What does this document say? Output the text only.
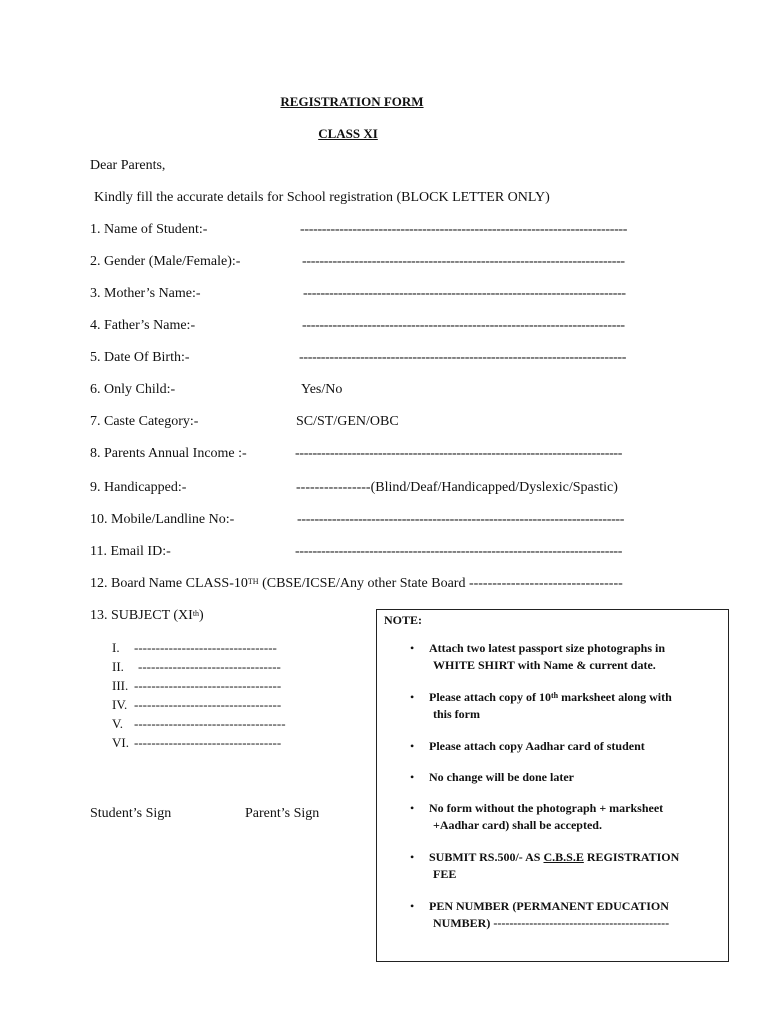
REGISTRATION FORM
CLASS XI
Dear Parents,
Kindly fill the accurate details for School registration (BLOCK LETTER ONLY)
1. Name of Student:-	---------------------------------------------------------------------------
2. Gender (Male/Female):-	--------------------------------------------------------------------------
3. Mother’s Name:-	--------------------------------------------------------------------------
4. Father’s Name:-	--------------------------------------------------------------------------
5. Date Of Birth:-	---------------------------------------------------------------------------
6. Only Child:-	Yes/No
7. Caste Category:-	SC/ST/GEN/OBC
8. Parents Annual Income :-	---------------------------------------------------------------------------
9. Handicapped:-	----------------(Blind/Deaf/Handicapped/Dyslexic/Spastic)
10. Mobile/Landline No:-	---------------------------------------------------------------------------
11. Email ID:-	---------------------------------------------------------------------------
12. Board Name CLASS-10TH (CBSE/ICSE/Any other State Board ---------------------------------
13. SUBJECT (XIth)
I. ---------------------------------
II. ---------------------------------
III. ----------------------------------
IV. ----------------------------------
V. -----------------------------------
VI. ----------------------------------
Student’s Sign	Parent’s Sign
NOTE:
• Attach two latest passport size photographs in
WHITE SHIRT with Name & current date.
• Please attach copy of 10th marksheet along with
this form
• Please attach copy Aadhar card of student
• No change will be done later
• No form without the photograph + marksheet
+Aadhar card) shall be accepted.
• SUBMIT RS.500/- AS C.B.S.E REGISTRATION
FEE
• PEN NUMBER (PERMANENT EDUCATION
NUMBER) --------------------------------------------
